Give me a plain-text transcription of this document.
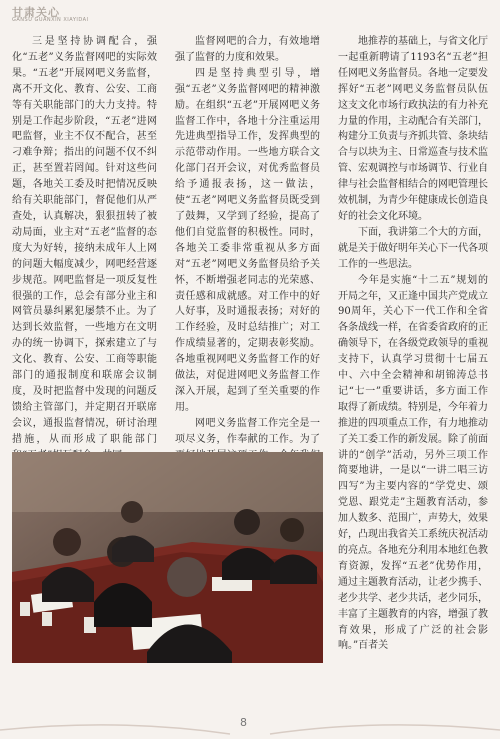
甘肃关心
GANSU GUANXIN XIAYIDAI

三是坚持协调配合，强化“五老”义务监督网吧的实际效果。“五老”开展网吧义务监督，离不开文化、教育、公安、工商等有关职能部门的大力支持。特别是工作起步阶段，“五老”进网吧监督，业主不仅不配合，甚至刁难争辩；指出的问题不仅不纠正，甚至置若罔闻。针对这些问题，各地关工委及时把情况反映给有关职能部门，督促他们从严查处，认真解决，狠狠扭转了被动局面，业主对“五老”监督的态度大为好转，接纳未成年人上网的问题大幅度减少，网吧经营逐步规范。网吧监督是一项反复性很强的工作，总会有部分业主和网管员暴纠累犯屡禁不止。为了达到长效监督，一些地方在文明办的统一协调下，探索建立了与文化、教育、公安、工商等职能部门的通报制度和联席会议制度，及时把监督中发现的问题反馈给主管部门，并定期召开联席会议，通报监督情况，研讨治理措施，从而形成了职能部门

监督网吧的合力，有效地增强了监督的力度和效果。

四是坚持典型引导，增强“五老”义务监督网吧的精神激励。在组织“五老”开展网吧义务监督工作中，各地十分注重运用先进典型指导工作，发挥典型的示范带动作用。一些地方联合文化部门召开会议，对优秀监督员给予通报表扬，这一做法，使“五老”网吧义务监督员既受到了鼓舞，又学到了经验，提高了他们自觉监督的积极性。同时，各地关工委非常重视从多方面对“五老”网吧义务监督员给予关怀，不断增强老同志的光荣感、责任感和成就感。对工作中的好人好事，及时通报表扬；对好的工作经验，及时总结推广；对工作成绩显著的，定期表彰奖励。各地重视网吧义务监督工作的好做法，对促进网吧义务监督工作深入开展，起到了至关重要的作用。

网吧义务监督工作完全是一项尽义务，作奉献的工作。为了

地推荐的基础上，与省文化厅一起重新聘请了1193名“五老”担任网吧义务监督员。各地一定要发挥好“五老”网吧义务监督员队伍这支文化市场行政执法的有力补充力量的作用，主动配合有关部门，构建分工负责与齐抓共管、条块结合与以块为主、日常巡查与技术监管、宏观调控与市场调节、行业自律与社会监督相结合的网吧管理长效机制，为青少年健康成长创造良好的社会文化环境。

下面，我讲第二个大的方面，就是关于做好明年关心下一代各项工作的一些思法。

今年是实施“十二五”规划的开局之年，又正逢中国共产党成立90周年，关心下一代工作和全省各条战线一样，在省委省政府的正确领导下，在各级党政领导的重视支持下，认真学习贯彻十七届五中、六中全会精神和胡锦涛总书记“七一”重要讲话，多方面工作取得了新成绩。特别是，今年着力推进的四项重点工作，有力地推动了关工委工作的新发展。除了前面讲的“创学”活动，另外三项工作简要地讲，一是以“一讲二唱三访四写”为主要内容的“学党史、颂党恩、跟党走”主题教育活动，参加人数多、范围广，声势大，效果好，凸现出我省关工系统庆祝活动的亮点。各地充分利用本地红色教育资源，发挥“五老”优势作用，通过主题教育活动，让老少携手、老少共学、老少共话，老少同乐，丰富了主题教育的内容，增强了教育效果，形成了广泛的社会影响。”百者关

8
